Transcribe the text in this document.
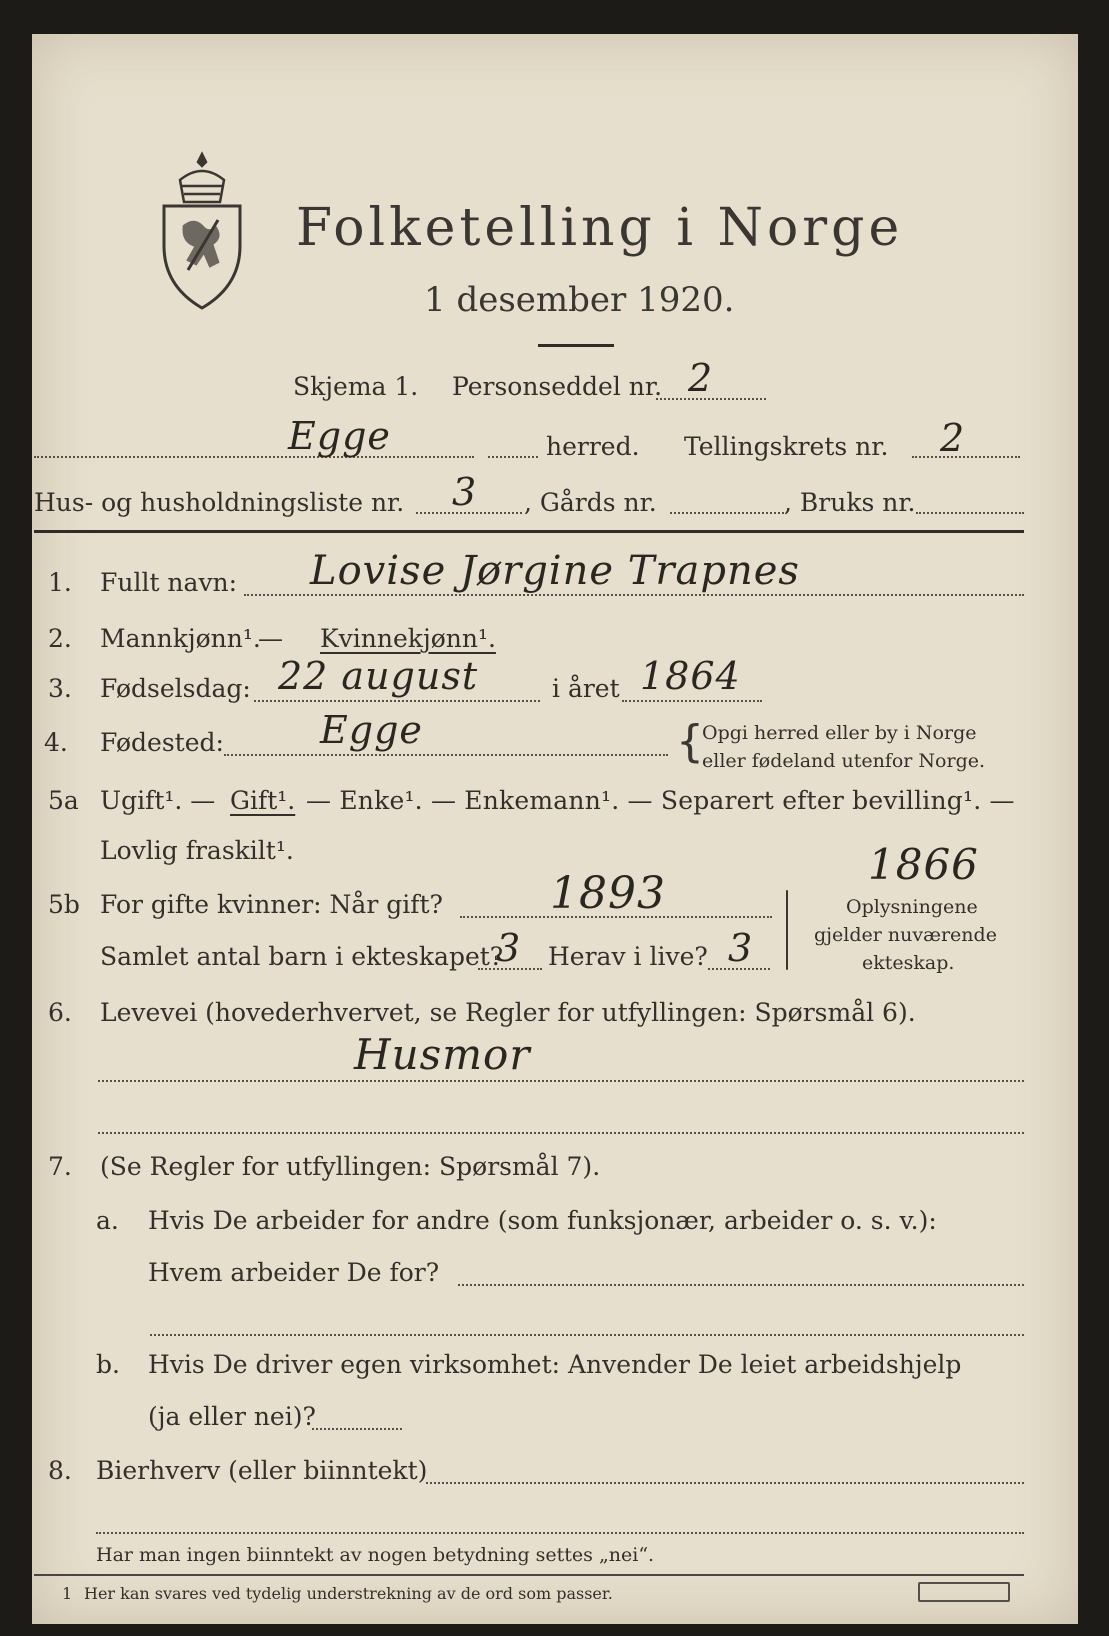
Folketelling i Norge
1 desember 1920.
Skjema 1. Personseddel nr. 2
Egge	herred. Tellingskrets nr. 2
Hus- og husholdningsliste nr. 3 , Gårds nr.	, Bruks nr.
1. Fullt navn: Lovise Jørgine Trapnes
2. Mannkjønn¹.
— Kvinnekjønn¹.
3. Fødselsdag: 22 august	i året 1864
4. Fødested:	Egge	{
Opgi herred eller by i Norge
eller fødeland utenfor Norge.
5a Ugift¹. — Gift¹. — Enke¹. — Enkemann¹. — Separert efter bevilling¹. —
Lovlig fraskilt¹.	1866
5b For gifte kvinner: Når gift? 1893
Samlet antal barn i ekteskapet?
3 Herav i live? 3
Oplysningene
gjelder nuværende
ekteskap.
6. Levevei (hovederhvervet, se Regler for utfyllingen: Spørsmål 6).
Husmor
7. (Se Regler for utfyllingen: Spørsmål 7).
a. Hvis De arbeider for andre (som funksjonær, arbeider o. s. v.):
Hvem arbeider De for?
b. Hvis De driver egen virksomhet: Anvender De leiet arbeidshjelp
(ja eller nei)?
8. Bierhverv (eller biinntekt)
Har man ingen biinntekt av nogen betydning settes „nei“.
1 Her kan svares ved tydelig understrekning av de ord som passer.
